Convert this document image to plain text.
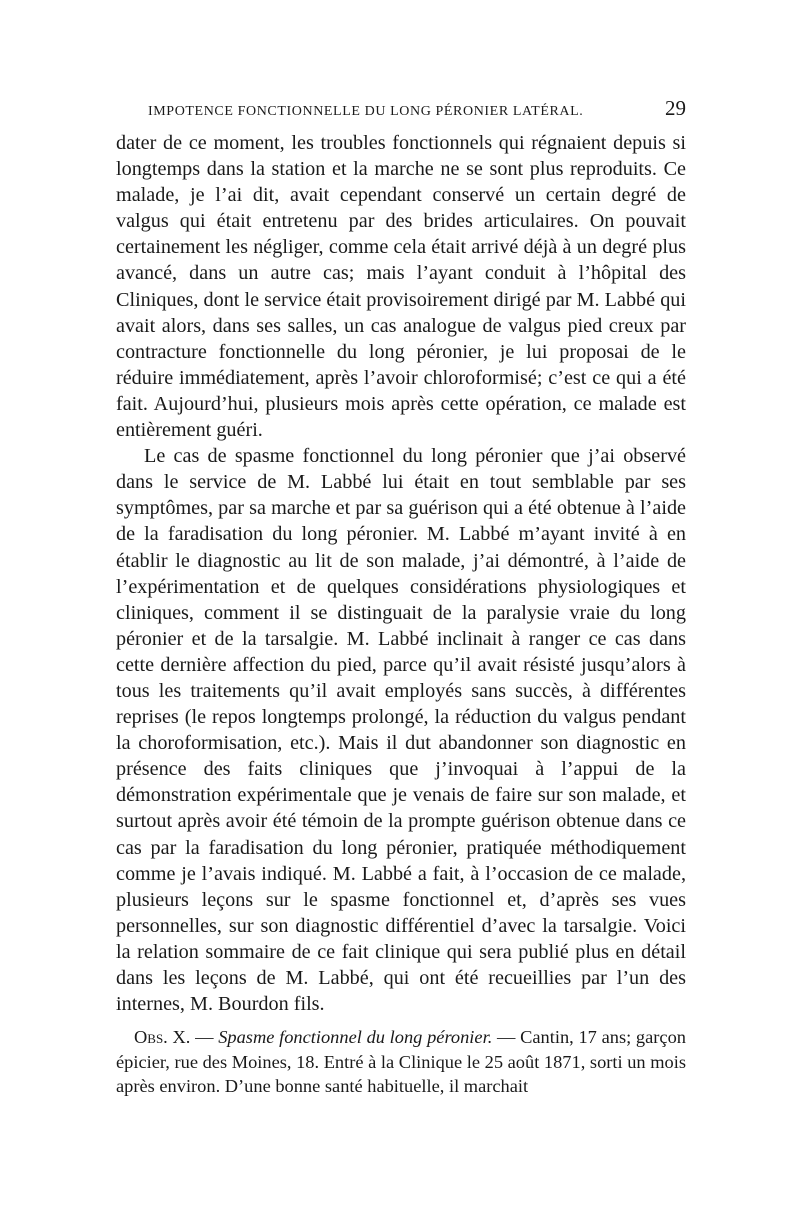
IMPOTENCE FONCTIONNELLE DU LONG PÉRONIER LATÉRAL.	29

dater de ce moment, les troubles fonctionnels qui régnaient depuis si longtemps dans la station et la marche ne se sont plus reproduits. Ce malade, je l’ai dit, avait cependant conservé un certain degré de valgus qui était entretenu par des brides articulaires. On pouvait certainement les négliger, comme cela était arrivé déjà à un degré plus avancé, dans un autre cas; mais l’ayant conduit à l’hôpital des Cliniques, dont le service était provisoirement dirigé par M. Labbé qui avait alors, dans ses salles, un cas analogue de valgus pied creux par contracture fonctionnelle du long péronier, je lui proposai de le réduire immédiatement, après l’avoir chloroformisé; c’est ce qui a été fait. Aujourd’hui, plusieurs mois après cette opération, ce malade est entièrement guéri.

Le cas de spasme fonctionnel du long péronier que j’ai observé dans le service de M. Labbé lui était en tout semblable par ses symptômes, par sa marche et par sa guérison qui a été obtenue à l’aide de la faradisation du long péronier. M. Labbé m’ayant invité à en établir le diagnostic au lit de son malade, j’ai démontré, à l’aide de l’expérimentation et de quelques considérations physiologiques et cliniques, comment il se distinguait de la paralysie vraie du long péronier et de la tarsalgie. M. Labbé inclinait à ranger ce cas dans cette dernière affection du pied, parce qu’il avait résisté jusqu’alors à tous les traitements qu’il avait employés sans succès, à différentes reprises (le repos longtemps prolongé, la réduction du valgus pendant la choroformisation, etc.). Mais il dut abandonner son diagnostic en présence des faits cliniques que j’invoquai à l’appui de la démonstration expérimentale que je venais de faire sur son malade, et surtout après avoir été témoin de la prompte guérison obtenue dans ce cas par la faradisation du long péronier, pratiquée méthodiquement comme je l’avais indiqué. M. Labbé a fait, à l’occasion de ce malade, plusieurs leçons sur le spasme fonctionnel et, d’après ses vues personnelles, sur son diagnostic différentiel d’avec la tarsalgie. Voici la relation sommaire de ce fait clinique qui sera publié plus en détail dans les leçons de M. Labbé, qui ont été recueillies par l’un des internes, M. Bourdon fils.

Obs. X. — Spasme fonctionnel du long péronier. — Cantin, 17 ans; garçon épicier, rue des Moines, 18. Entré à la Clinique le 25 août 1871, sorti un mois après environ. D’une bonne santé habituelle, il marchait
